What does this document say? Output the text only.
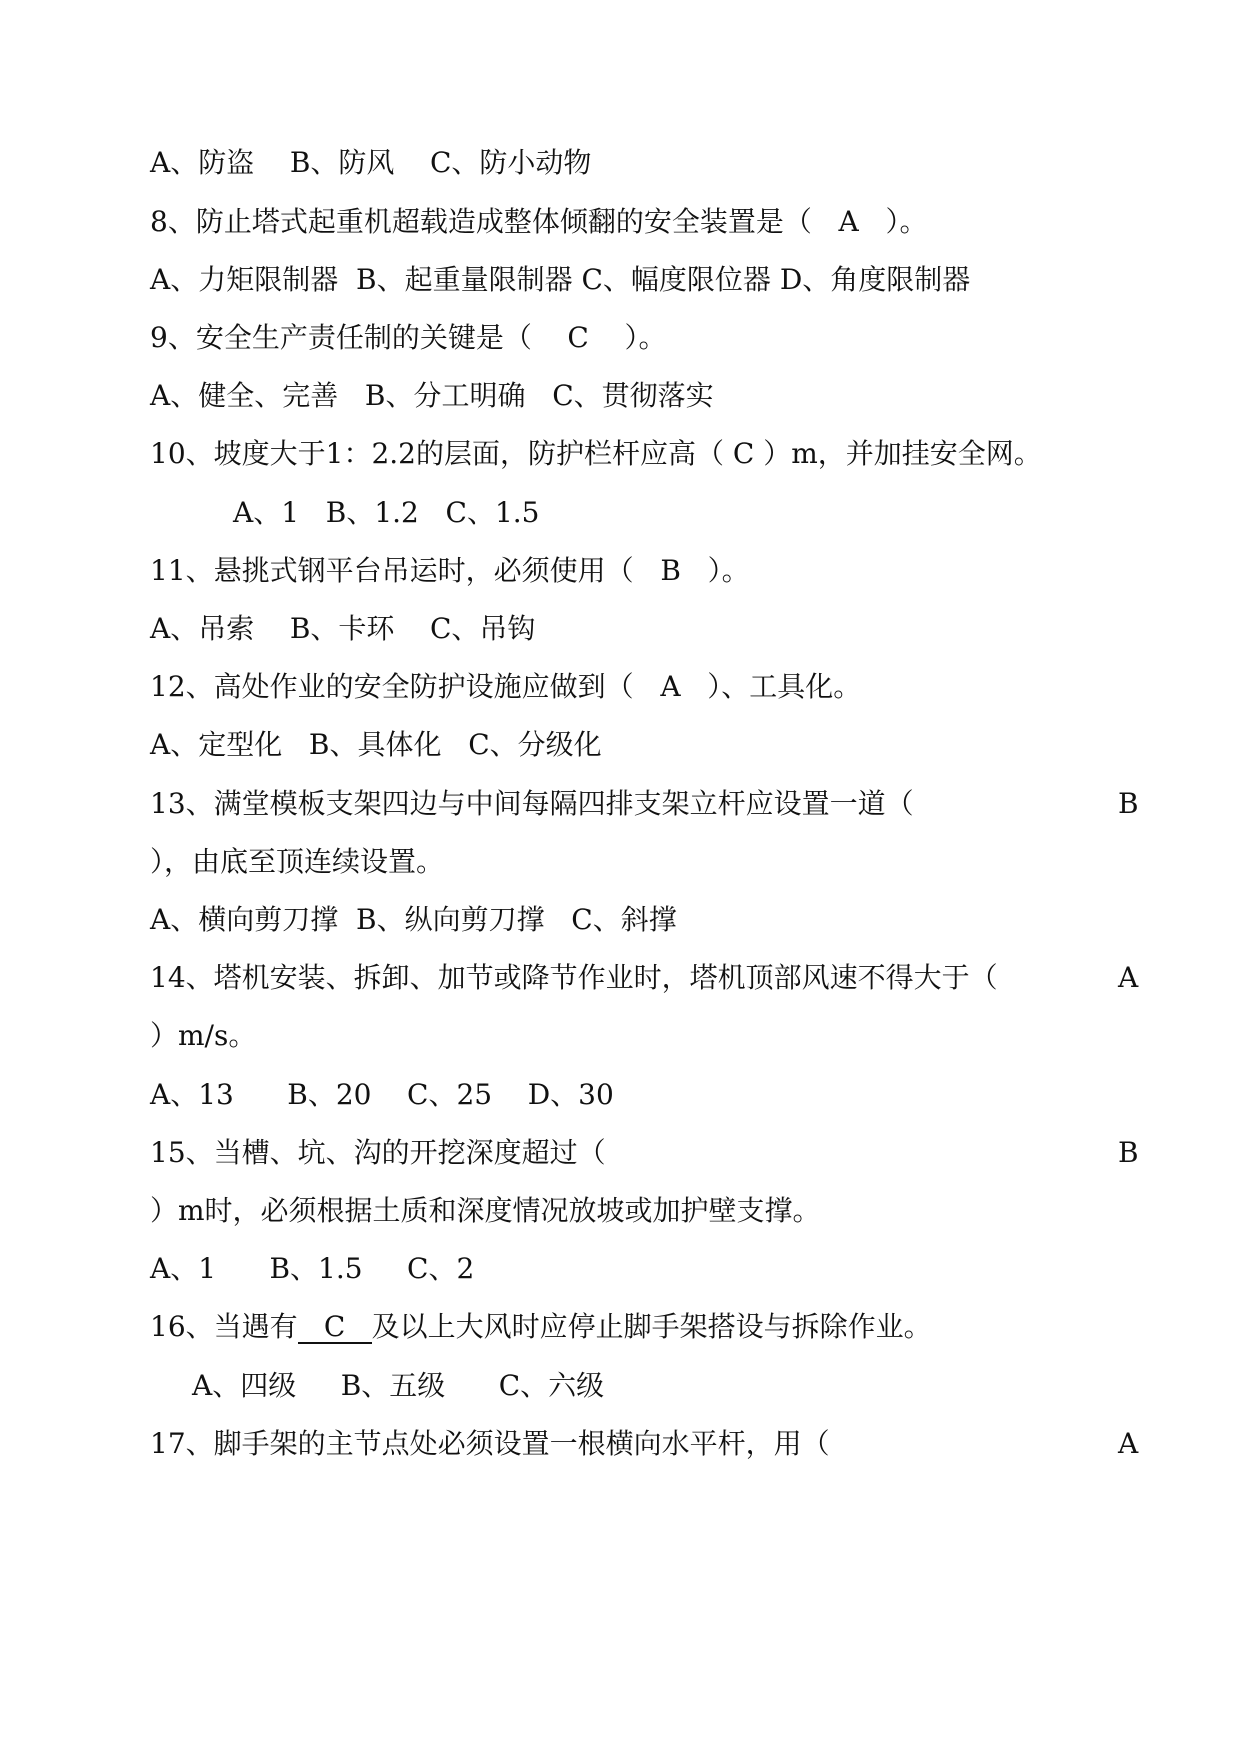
A、防盗    B、防风    C、防小动物
8、防止塔式起重机超载造成整体倾翻的安全装置是（   A   ）。
A、力矩限制器  B、起重量限制器 C、幅度限位器 D、角度限制器
9、安全生产责任制的关键是（    C    ）。
A、健全、完善   B、分工明确   C、贯彻落实
10、坡度大于1：2.2的层面，防护栏杆应高（ C ）m，并加挂安全网。
A、1   B、1.2   C、1.5
11、悬挑式钢平台吊运时，必须使用（   B   ）。
A、吊索    B、卡环    C、吊钩
12、高处作业的安全防护设施应做到（   A   ）、工具化。
A、定型化   B、具体化   C、分级化
13、满堂模板支架四边与中间每隔四排支架立杆应设置一道（	B
），由底至顶连续设置。
A、横向剪刀撑  B、纵向剪刀撑   C、斜撑
14、塔机安装、拆卸、加节或降节作业时，塔机顶部风速不得大于（	A
）m/s。
A、13      B、20    C、25    D、30
15、当槽、坑、沟的开挖深度超过（	B
）m时，必须根据土质和深度情况放坡或加护壁支撑。
A、1      B、1.5     C、2
16、当遇有 C 及以上大风时应停止脚手架搭设与拆除作业。
A、四级     B、五级      C、六级
17、脚手架的主节点处必须设置一根横向水平杆，用（	A
